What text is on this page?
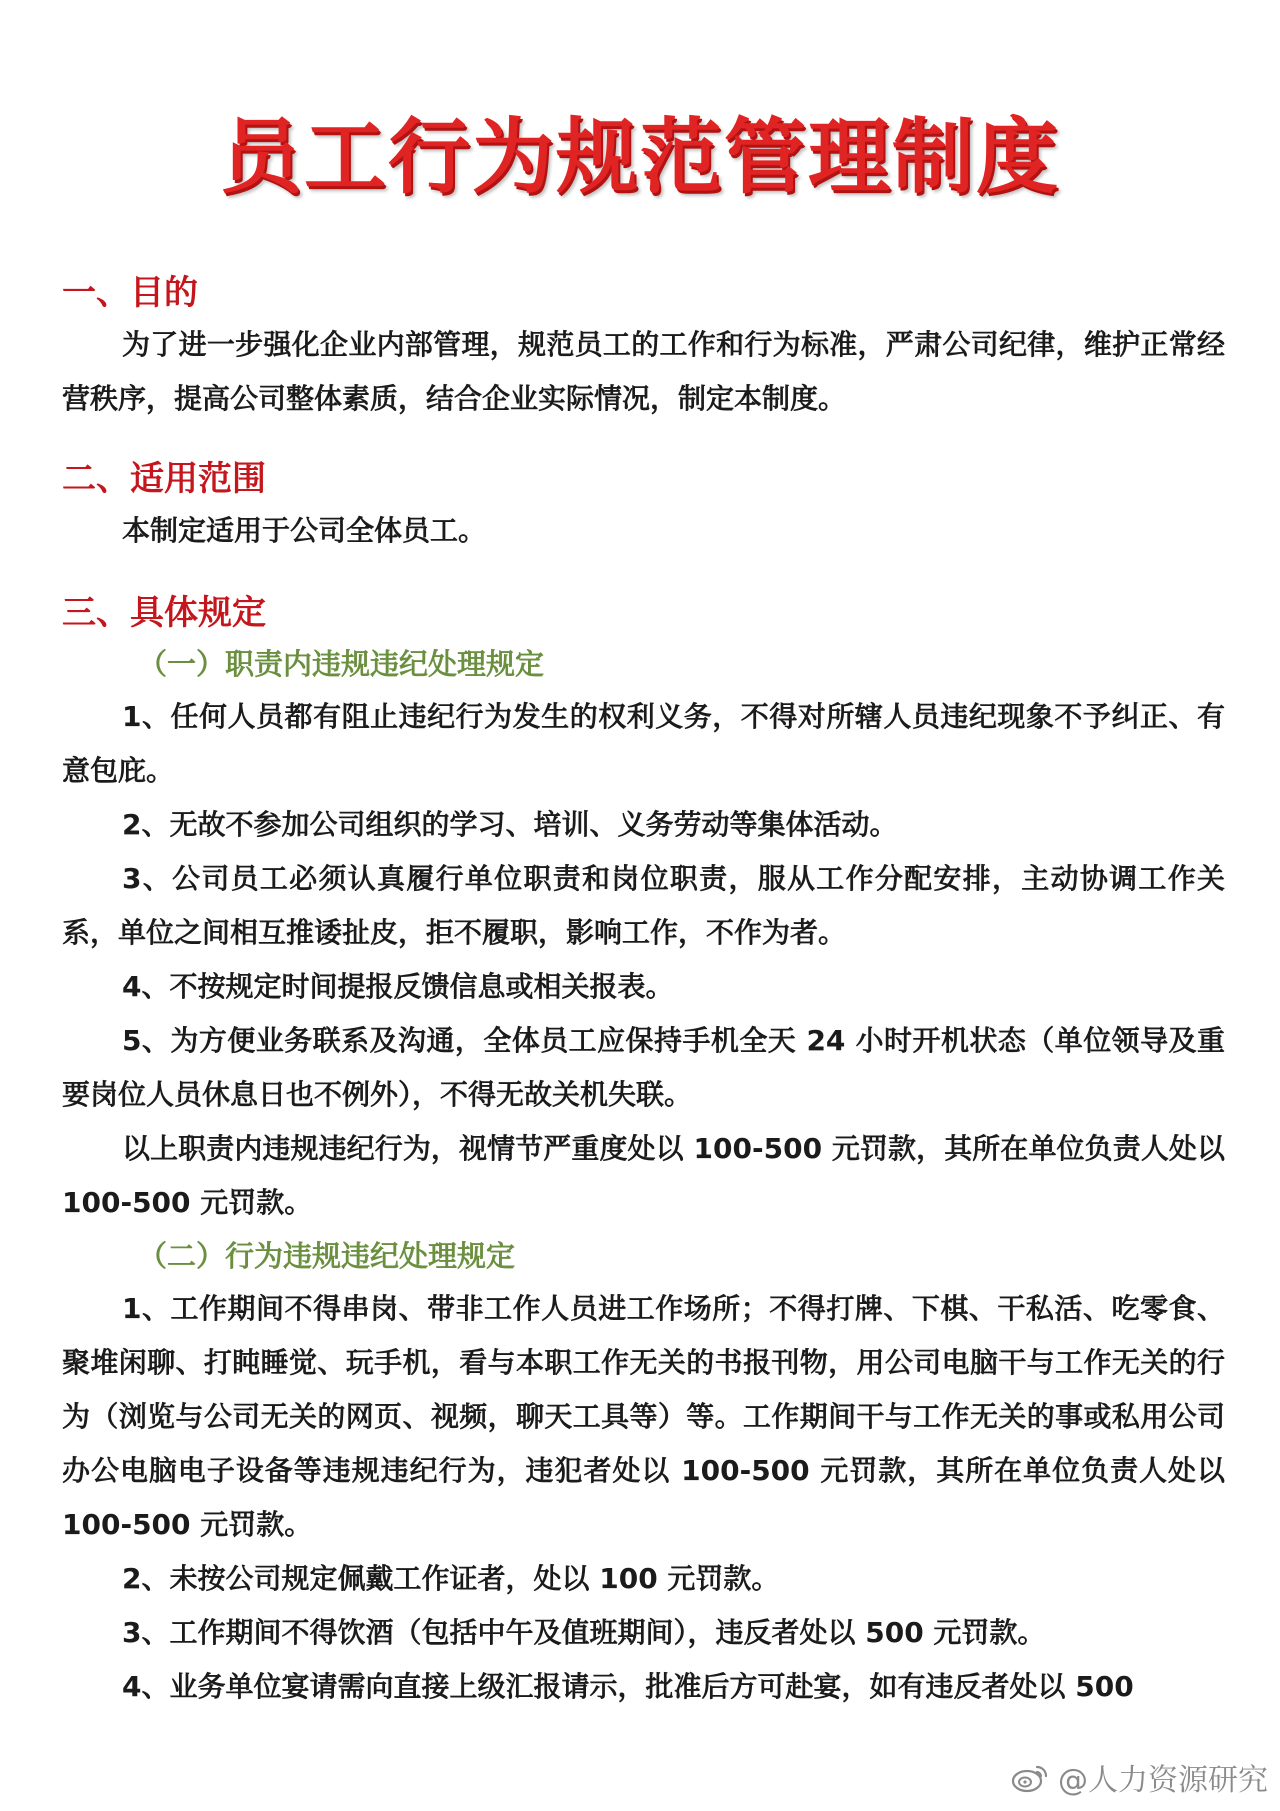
员工行为规范管理制度
一、目的
为了进一步强化企业内部管理，规范员工的工作和行为标准，严肃公司纪律，维护正常经营秩序，提高公司整体素质，结合企业实际情况，制定本制度。
二、适用范围
本制定适用于公司全体员工。
三、具体规定
（一）职责内违规违纪处理规定
1、任何人员都有阻止违纪行为发生的权利义务，不得对所辖人员违纪现象不予纠正、有意包庇。
2、无故不参加公司组织的学习、培训、义务劳动等集体活动。
3、公司员工必须认真履行单位职责和岗位职责，服从工作分配安排，主动协调工作关系，单位之间相互推诿扯皮，拒不履职，影响工作，不作为者。
4、不按规定时间提报反馈信息或相关报表。
5、为方便业务联系及沟通，全体员工应保持手机全天 24 小时开机状态（单位领导及重要岗位人员休息日也不例外），不得无故关机失联。
以上职责内违规违纪行为，视情节严重度处以 100-500 元罚款，其所在单位负责人处以 100-500 元罚款。
（二）行为违规违纪处理规定
1、工作期间不得串岗、带非工作人员进工作场所；不得打牌、下棋、干私活、吃零食、聚堆闲聊、打盹睡觉、玩手机，看与本职工作无关的书报刊物，用公司电脑干与工作无关的行为（浏览与公司无关的网页、视频，聊天工具等）等。工作期间干与工作无关的事或私用公司办公电脑电子设备等违规违纪行为，违犯者处以 100-500 元罚款，其所在单位负责人处以 100-500 元罚款。
2、未按公司规定佩戴工作证者，处以 100 元罚款。
3、工作期间不得饮酒（包括中午及值班期间），违反者处以 500 元罚款。
4、业务单位宴请需向直接上级汇报请示，批准后方可赴宴，如有违反者处以 500
@人力资源研究
